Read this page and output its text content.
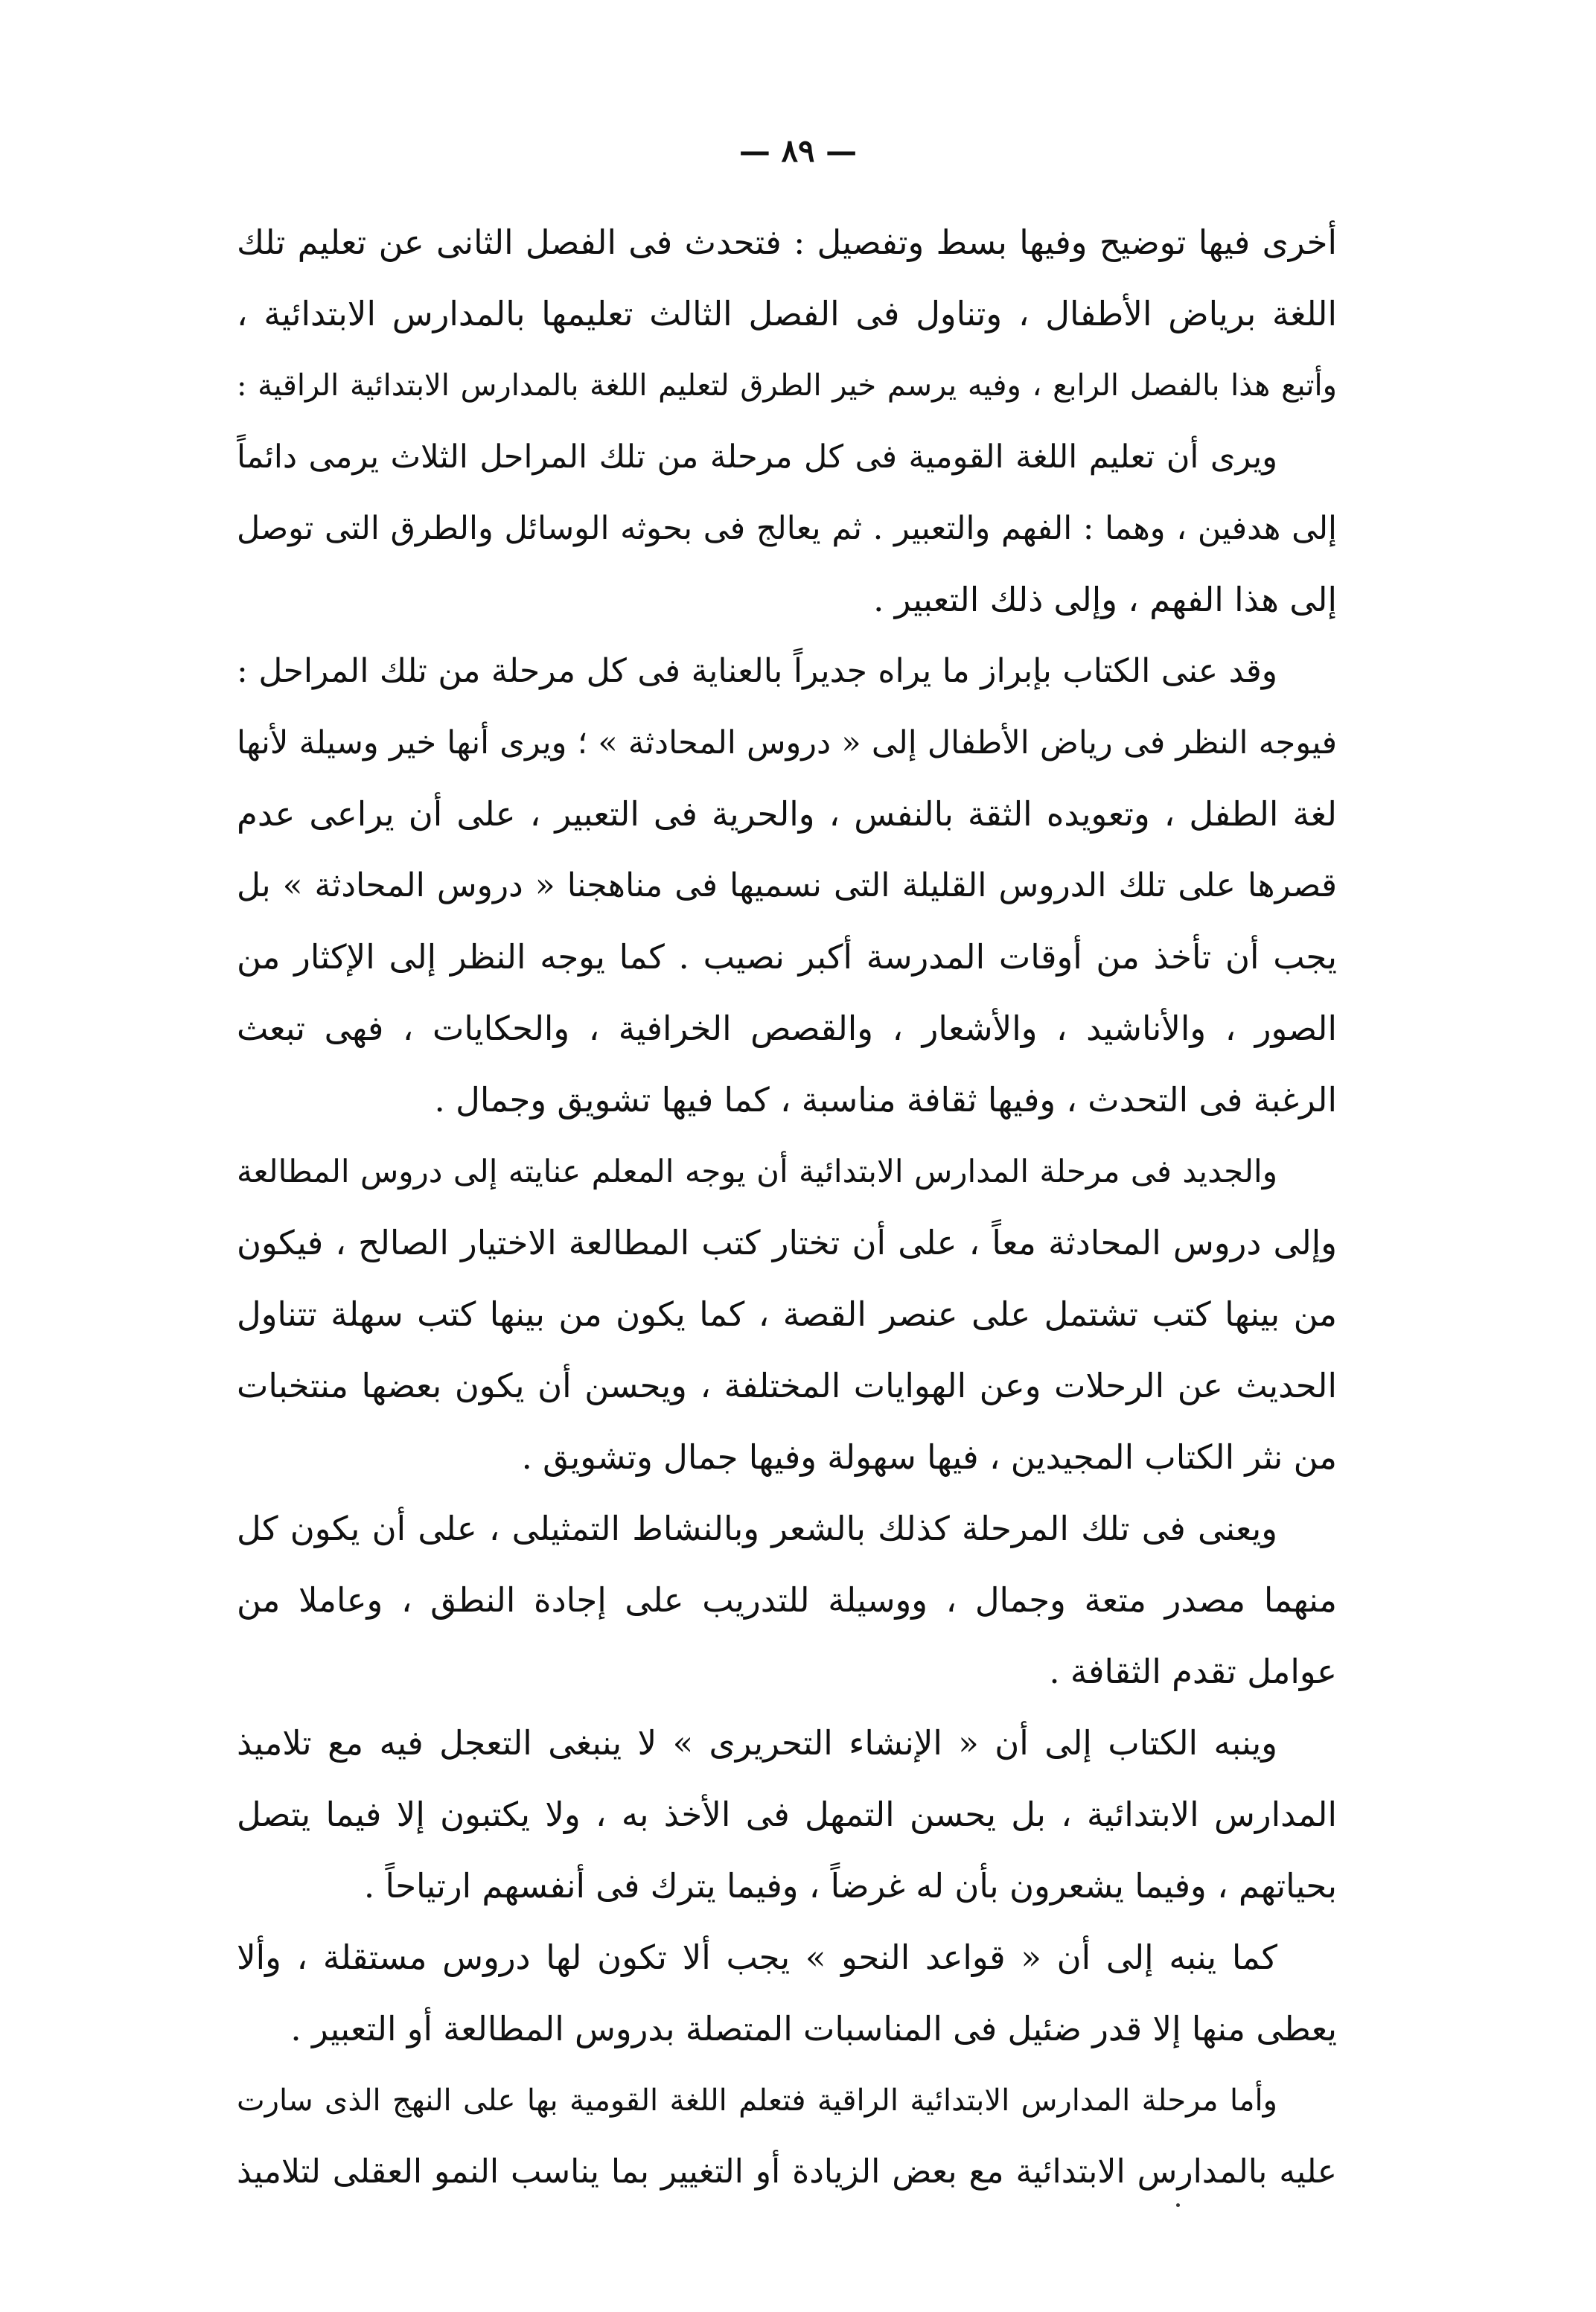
— ٨٩ —
أخرى فيها توضيح وفيها بسط وتفصيل : فتحدث فى الفصل الثانى عن تعليم تلك
اللغة برياض الأطفال ، وتناول فى الفصل الثالث تعليمها بالمدارس الابتدائية ،
وأتبع هذا بالفصل الرابع ، وفيه يرسم خير الطرق لتعليم اللغة بالمدارس الابتدائية الراقية :
ويرى أن تعليم اللغة القومية فى كل مرحلة من تلك المراحل الثلاث يرمى دائماً
إلى هدفين ، وهما : الفهم والتعبير . ثم يعالج فى بحوثه الوسائل والطرق التى توصل
إلى هذا الفهم ، وإلى ذلك التعبير .
وقد عنى الكتاب بإبراز ما يراه جديراً بالعناية فى كل مرحلة من تلك المراحل :
فيوجه النظر فى رياض الأطفال إلى « دروس المحادثة » ؛ ويرى أنها خير وسيلة لأنها
لغة الطفل ، وتعويده الثقة بالنفس ، والحرية فى التعبير ، على أن يراعى عدم
قصرها على تلك الدروس القليلة التى نسميها فى مناهجنا « دروس المحادثة » بل
يجب أن تأخذ من أوقات المدرسة أكبر نصيب . كما يوجه النظر إلى الإكثار من
الصور ، والأناشيد ، والأشعار ، والقصص الخرافية ، والحكايات ، فهى تبعث
الرغبة فى التحدث ، وفيها ثقافة مناسبة ، كما فيها تشويق وجمال .
والجديد فى مرحلة المدارس الابتدائية أن يوجه المعلم عنايته إلى دروس المطالعة
وإلى دروس المحادثة معاً ، على أن تختار كتب المطالعة الاختيار الصالح ، فيكون
من بينها كتب تشتمل على عنصر القصة ، كما يكون من بينها كتب سهلة تتناول
الحديث عن الرحلات وعن الهوايات المختلفة ، ويحسن أن يكون بعضها منتخبات
من نثر الكتاب المجيدين ، فيها سهولة وفيها جمال وتشويق .
ويعنى فى تلك المرحلة كذلك بالشعر وبالنشاط التمثيلى ، على أن يكون كل
منهما مصدر متعة وجمال ، ووسيلة للتدريب على إجادة النطق ، وعاملا من
عوامل تقدم الثقافة .
وينبه الكتاب إلى أن « الإنشاء التحريرى » لا ينبغى التعجل فيه مع تلاميذ
المدارس الابتدائية ، بل يحسن التمهل فى الأخذ به ، ولا يكتبون إلا فيما يتصل
بحياتهم ، وفيما يشعرون بأن له غرضاً ، وفيما يترك فى أنفسهم ارتياحاً .
كما ينبه إلى أن « قواعد النحو » يجب ألا تكون لها دروس مستقلة ، وألا
يعطى منها إلا قدر ضئيل فى المناسبات المتصلة بدروس المطالعة أو التعبير .
وأما مرحلة المدارس الابتدائية الراقية فتعلم اللغة القومية بها على النهج الذى سارت
عليه بالمدارس الابتدائية مع بعض الزيادة أو التغيير بما يناسب النمو العقلى لتلاميذ
